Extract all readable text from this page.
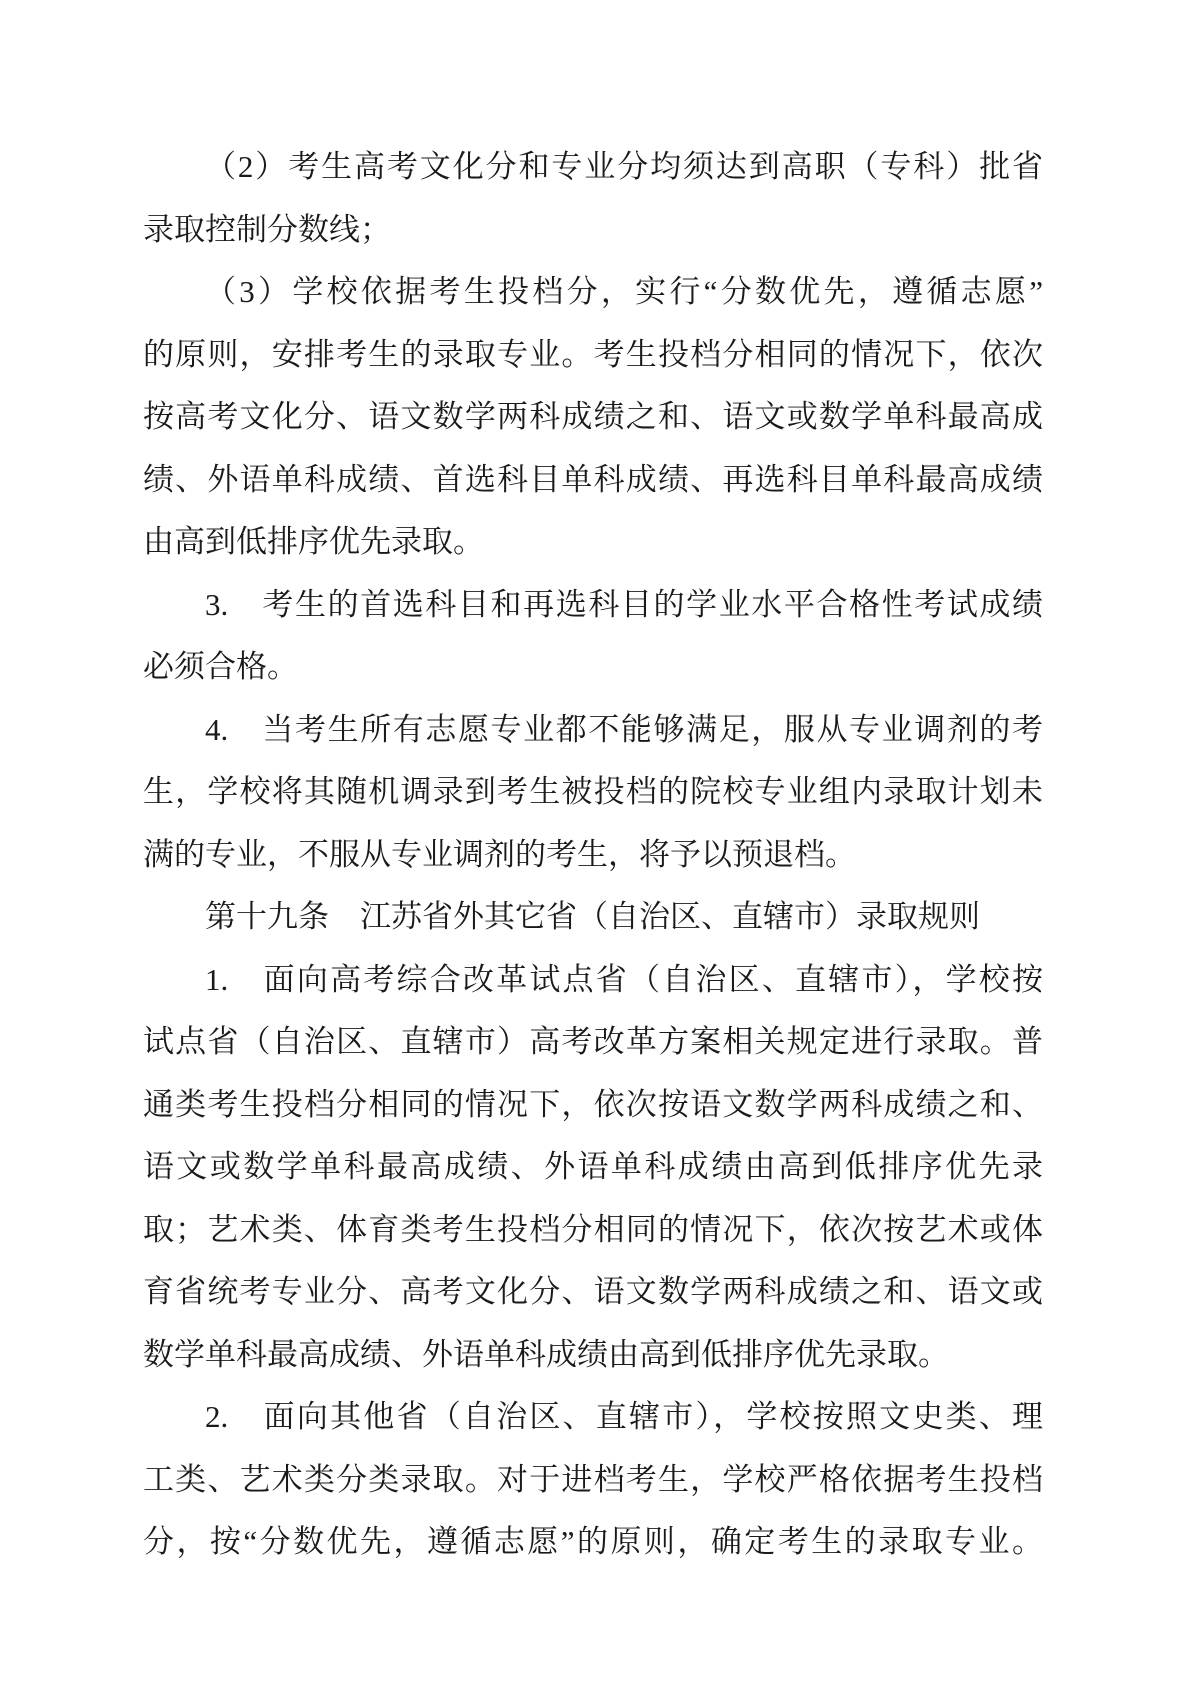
（2）考生高考文化分和专业分均须达到高职（专科）批省
录取控制分数线；
（3）学校依据考生投档分，实行“分数优先，遵循志愿”
的原则，安排考生的录取专业。考生投档分相同的情况下，依次
按高考文化分、语文数学两科成绩之和、语文或数学单科最高成
绩、外语单科成绩、首选科目单科成绩、再选科目单科最高成绩
由高到低排序优先录取。
3.　考生的首选科目和再选科目的学业水平合格性考试成绩
必须合格。
4.　当考生所有志愿专业都不能够满足，服从专业调剂的考
生，学校将其随机调录到考生被投档的院校专业组内录取计划未
满的专业，不服从专业调剂的考生，将予以预退档。
第十九条　江苏省外其它省（自治区、直辖市）录取规则
1.　面向高考综合改革试点省（自治区、直辖市），学校按
试点省（自治区、直辖市）高考改革方案相关规定进行录取。普
通类考生投档分相同的情况下，依次按语文数学两科成绩之和、
语文或数学单科最高成绩、外语单科成绩由高到低排序优先录
取；艺术类、体育类考生投档分相同的情况下，依次按艺术或体
育省统考专业分、高考文化分、语文数学两科成绩之和、语文或
数学单科最高成绩、外语单科成绩由高到低排序优先录取。
2.　面向其他省（自治区、直辖市），学校按照文史类、理
工类、艺术类分类录取。对于进档考生，学校严格依据考生投档
分，按“分数优先，遵循志愿”的原则，确定考生的录取专业。
